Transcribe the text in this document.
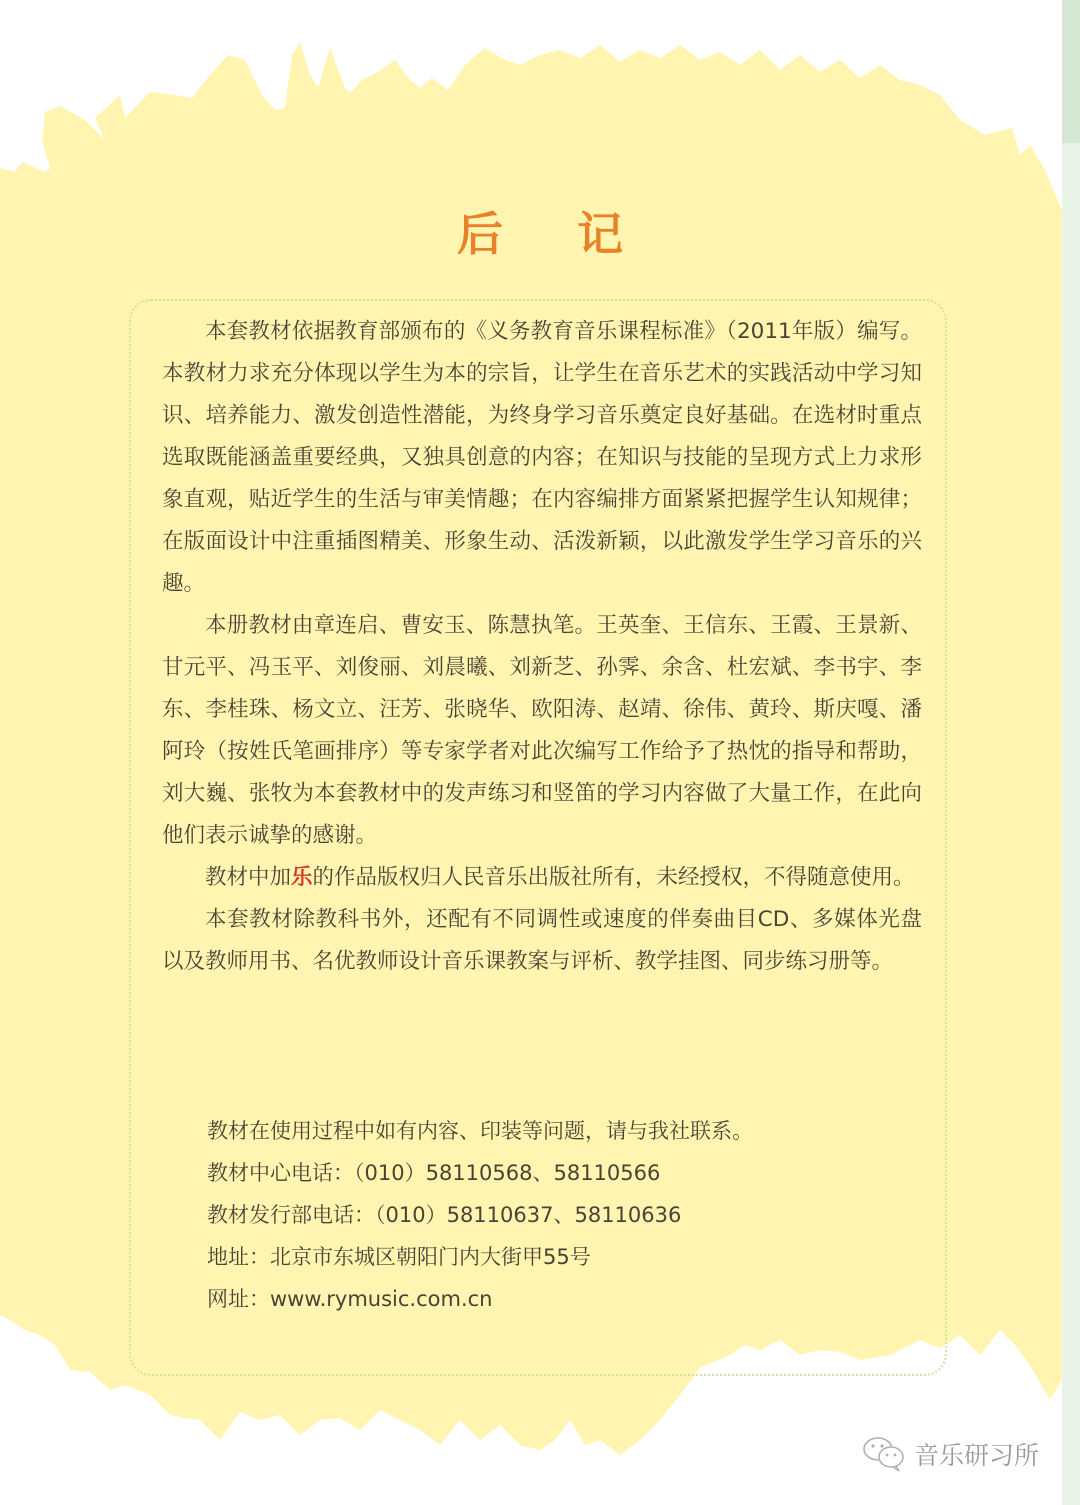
后记

本套教材依据教育部颁布的《义务教育音乐课程标准》（2011年版）编写。本教材力求充分体现以学生为本的宗旨，让学生在音乐艺术的实践活动中学习知识、培养能力、激发创造性潜能，为终身学习音乐奠定良好基础。在选材时重点选取既能涵盖重要经典，又独具创意的内容；在知识与技能的呈现方式上力求形象直观，贴近学生的生活与审美情趣；在内容编排方面紧紧把握学生认知规律；在版面设计中注重插图精美、形象生动、活泼新颖，以此激发学生学习音乐的兴趣。

本册教材由章连启、曹安玉、陈慧执笔。王英奎、王信东、王霞、王景新、甘元平、冯玉平、刘俊丽、刘晨曦、刘新芝、孙霁、余含、杜宏斌、李书宇、李东、李桂珠、杨文立、汪芳、张晓华、欧阳涛、赵靖、徐伟、黄玲、斯庆嘎、潘阿玲（按姓氏笔画排序）等专家学者对此次编写工作给予了热忱的指导和帮助，刘大巍、张牧为本套教材中的发声练习和竖笛的学习内容做了大量工作，在此向他们表示诚挚的感谢。

教材中加乐的作品版权归人民音乐出版社所有，未经授权，不得随意使用。

本套教材除教科书外，还配有不同调性或速度的伴奏曲目CD、多媒体光盘以及教师用书、名优教师设计音乐课教案与评析、教学挂图、同步练习册等。

教材在使用过程中如有内容、印装等问题，请与我社联系。
教材中心电话：（010）58110568、58110566
教材发行部电话：（010）58110637、58110636
地址：北京市东城区朝阳门内大街甲55号
网址：www.rymusic.com.cn
音乐研习所
